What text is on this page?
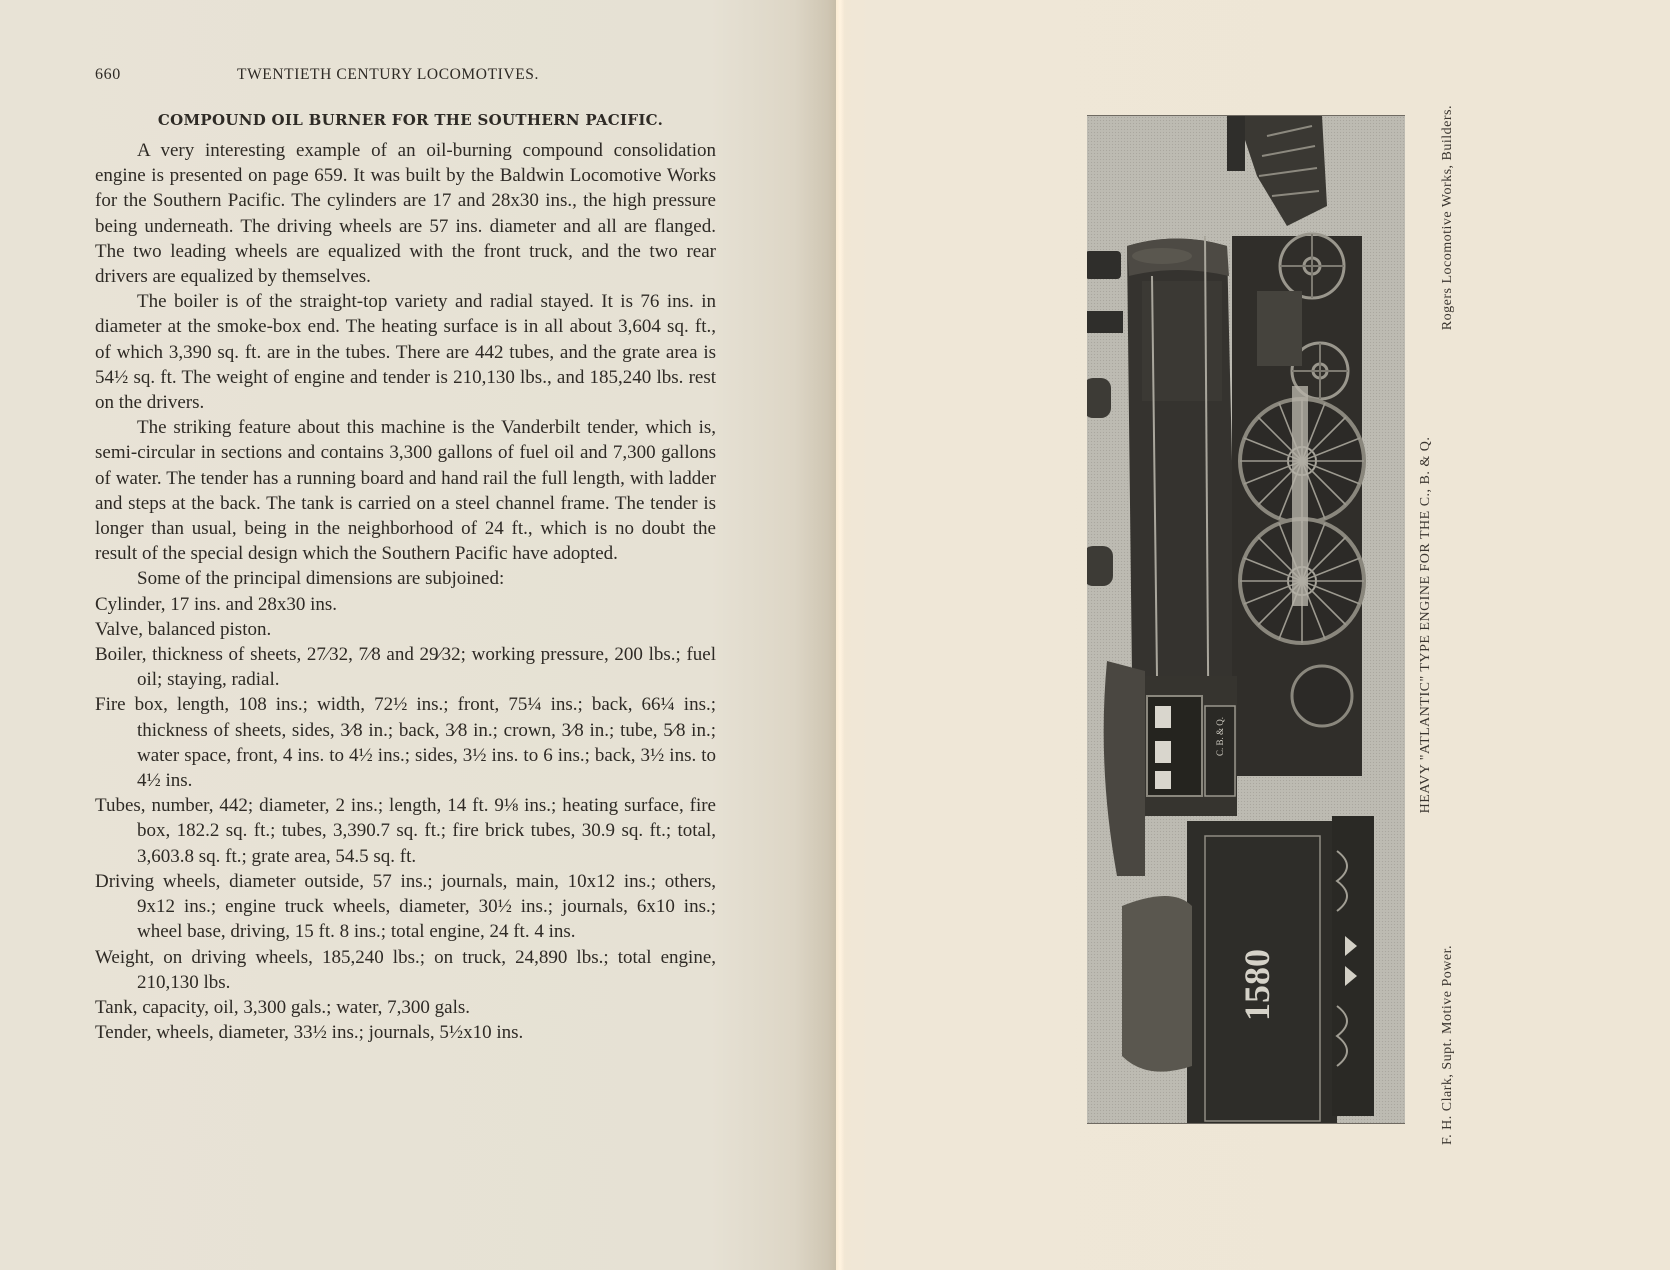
660	TWENTIETH CENTURY LOCOMOTIVES.
COMPOUND OIL BURNER FOR THE SOUTHERN PACIFIC.

A very interesting example of an oil-burning compound consolidation engine is presented on page 659. It was built by the Baldwin Locomotive Works for the Southern Pacific. The cylinders are 17 and 28x30 ins., the high pressure being underneath. The driving wheels are 57 ins. diameter and all are flanged. The two leading wheels are equalized with the front truck, and the two rear drivers are equalized by themselves.

The boiler is of the straight-top variety and radial stayed. It is 76 ins. in diameter at the smoke-box end. The heating surface is in all about 3,604 sq. ft., of which 3,390 sq. ft. are in the tubes. There are 442 tubes, and the grate area is 54½ sq. ft. The weight of engine and tender is 210,130 lbs., and 185,240 lbs. rest on the drivers.

The striking feature about this machine is the Vanderbilt tender, which is, semi-circular in sections and contains 3,300 gallons of fuel oil and 7,300 gallons of water. The tender has a running board and hand rail the full length, with ladder and steps at the back. The tank is carried on a steel channel frame. The tender is longer than usual, being in the neighborhood of 24 ft., which is no doubt the result of the special design which the Southern Pacific have adopted.

Some of the principal dimensions are subjoined:

Cylinder, 17 ins. and 28x30 ins.

Valve, balanced piston.

Boiler, thickness of sheets, 27⁄32, 7⁄8 and 29⁄32; working pressure, 200 lbs.; fuel oil; staying, radial.

Fire box, length, 108 ins.; width, 72½ ins.; front, 75¼ ins.; back, 66¼ ins.; thickness of sheets, sides, 3⁄8 in.; back, 3⁄8 in.; crown, 3⁄8 in.; tube, 5⁄8 in.; water space, front, 4 ins. to 4½ ins.; sides, 3½ ins. to 6 ins.; back, 3½ ins. to 4½ ins.

Tubes, number, 442; diameter, 2 ins.; length, 14 ft. 9⅛ ins.; heating surface, fire box, 182.2 sq. ft.; tubes, 3,390.7 sq. ft.; fire brick tubes, 30.9 sq. ft.; total, 3,603.8 sq. ft.; grate area, 54.5 sq. ft.

Driving wheels, diameter outside, 57 ins.; journals, main, 10x12 ins.; others, 9x12 ins.; engine truck wheels, diameter, 30½ ins.; journals, 6x10 ins.; wheel base, driving, 15 ft. 8 ins.; total engine, 24 ft. 4 ins.

Weight, on driving wheels, 185,240 lbs.; on truck, 24,890 lbs.; total engine, 210,130 lbs.

Tank, capacity, oil, 3,300 gals.; water, 7,300 gals.

Tender, wheels, diameter, 33½ ins.; journals, 5½x10 ins.

C. B. & Q.
1580
HEAVY "ATLANTIC" TYPE ENGINE FOR THE C., B. & Q.
F. H. Clark, Supt. Motive Power.
Rogers Locomotive Works, Builders.
